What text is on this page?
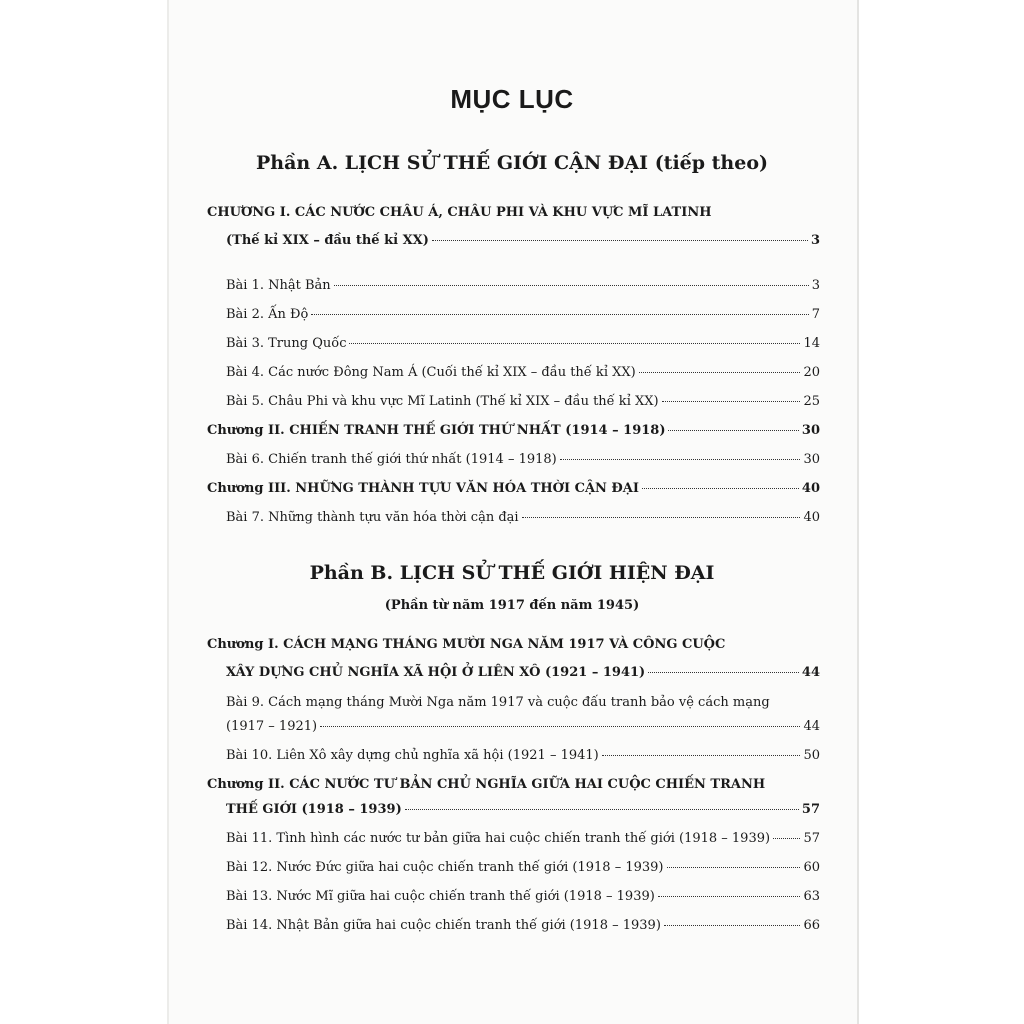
MỤC LỤC
Phần A. LỊCH SỬ THẾ GIỚI CẬN ĐẠI (tiếp theo)
CHƯƠNG I. CÁC NƯỚC CHÂU Á, CHÂU PHI VÀ KHU VỰC MĨ LATINH
(Thế kỉ XIX – đầu thế kỉ XX)	3
Bài 1. Nhật Bản	3
Bài 2. Ấn Độ	7
Bài 3. Trung Quốc	14
Bài 4. Các nước Đông Nam Á (Cuối thế kỉ XIX – đầu thế kỉ XX)	20
Bài 5. Châu Phi và khu vực Mĩ Latinh (Thế kỉ XIX – đầu thế kỉ XX)	25
Chương II. CHIẾN TRANH THẾ GIỚI THỨ NHẤT (1914 – 1918)	30
Bài 6. Chiến tranh thế giới thứ nhất (1914 – 1918)	30
Chương III. NHỮNG THÀNH TỰU VĂN HÓA THỜI CẬN ĐẠI	40
Bài 7. Những thành tựu văn hóa thời cận đại	40
Phần B. LỊCH SỬ THẾ GIỚI HIỆN ĐẠI
(Phần từ năm 1917 đến năm 1945)
Chương I. CÁCH MẠNG THÁNG MƯỜI NGA NĂM 1917 VÀ CÔNG CUỘC
XÂY DỰNG CHỦ NGHĨA XÃ HỘI Ở LIÊN XÔ (1921 – 1941)	44
Bài 9. Cách mạng tháng Mười Nga năm 1917 và cuộc đấu tranh bảo vệ cách mạng
(1917 – 1921)	44
Bài 10. Liên Xô xây dựng chủ nghĩa xã hội (1921 – 1941)	50
Chương II. CÁC NƯỚC TƯ BẢN CHỦ NGHĨA GIỮA HAI CUỘC CHIẾN TRANH
THẾ GIỚI (1918 – 1939)	57
Bài 11. Tình hình các nước tư bản giữa hai cuộc chiến tranh thế giới (1918 – 1939)	57
Bài 12. Nước Đức giữa hai cuộc chiến tranh thế giới (1918 – 1939)	60
Bài 13. Nước Mĩ giữa hai cuộc chiến tranh thế giới (1918 – 1939)	63
Bài 14. Nhật Bản giữa hai cuộc chiến tranh thế giới (1918 – 1939)	66
